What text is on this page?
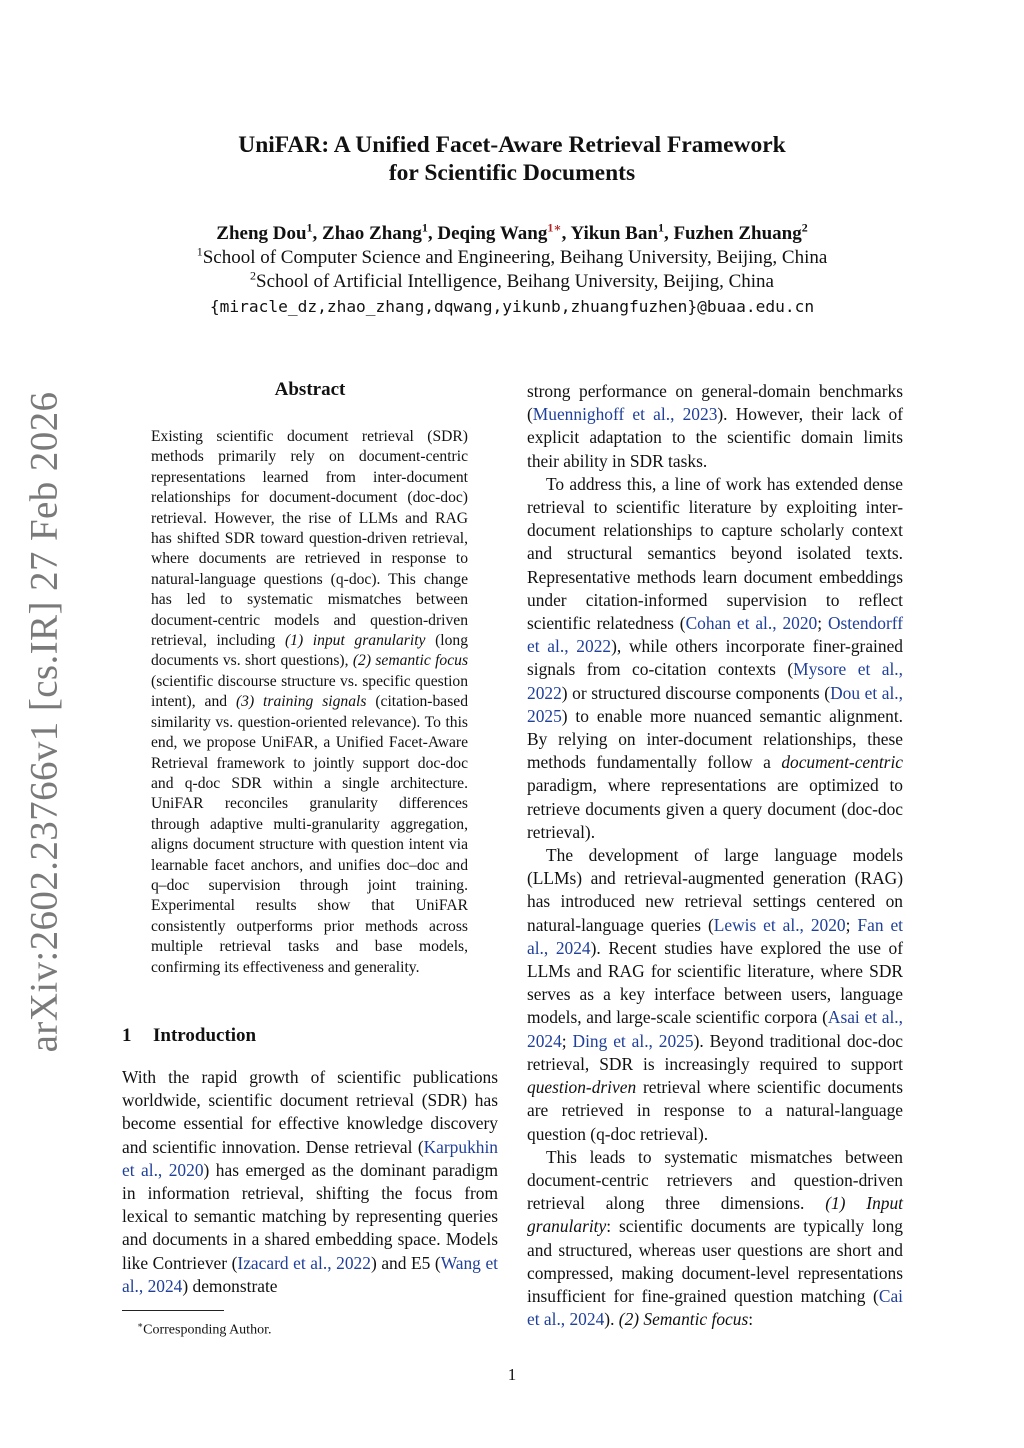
arXiv:2602.23766v1 [cs.IR] 27 Feb 2026
UniFAR: A Unified Facet-Aware Retrieval Framework
for Scientific Documents
Zheng Dou$^1$, Zhao Zhang$^1$, Deqing Wang$^{1∗}$, Yikun Ban$^1$, Fuzhen Zhuang$^2$
$^1$School of Computer Science and Engineering, Beihang University, Beijing, China
$^2$School of Artificial Intelligence, Beihang University, Beijing, China
{miracle_dz,zhao_zhang,dqwang,yikunb,zhuangfuzhen}@buaa.edu.cn
Abstract

Existing scientific document retrieval (SDR) methods primarily rely on document-centric representations learned from inter-document relationships for document-document (doc-doc) retrieval. However, the rise of LLMs and RAG has shifted SDR toward question-driven retrieval, where documents are retrieved in response to natural-language questions (q-doc). This change has led to systematic mismatches between document-centric models and question-driven retrieval, including (1) input granularity (long documents vs. short questions), (2) semantic focus (scientific discourse structure vs. specific question intent), and (3) training signals (citation-based similarity vs. question-oriented relevance). To this end, we propose UniFAR, a Unified Facet-Aware Retrieval framework to jointly support doc-doc and q-doc SDR within a single architecture. UniFAR reconciles granularity differences through adaptive multi-granularity aggregation, aligns document structure with question intent via learnable facet anchors, and unifies doc–doc and q–doc supervision through joint training. Experimental results show that UniFAR consistently outperforms prior methods across multiple retrieval tasks and base models, confirming its effectiveness and generality.

1 Introduction

With the rapid growth of scientific publications worldwide, scientific document retrieval (SDR) has become essential for effective knowledge discovery and scientific innovation. Dense retrieval (Karpukhin et al., 2020) has emerged as the dominant paradigm in information retrieval, shifting the focus from lexical to semantic matching by representing queries and documents in a shared embedding space. Models like Contriever (Izacard et al., 2022) and E5 (Wang et al., 2024) demonstrate

strong performance on general-domain benchmarks (Muennighoff et al., 2023). However, their lack of explicit adaptation to the scientific domain limits their ability in SDR tasks.

To address this, a line of work has extended dense retrieval to scientific literature by exploiting inter-document relationships to capture scholarly context and structural semantics beyond isolated texts. Representative methods learn document embeddings under citation-informed supervision to reflect scientific relatedness (Cohan et al., 2020; Ostendorff et al., 2022), while others incorporate finer-grained signals from co-citation contexts (Mysore et al., 2022) or structured discourse components (Dou et al., 2025) to enable more nuanced semantic alignment. By relying on inter-document relationships, these methods fundamentally follow a document-centric paradigm, where representations are optimized to retrieve documents given a query document (doc-doc retrieval).

The development of large language models (LLMs) and retrieval-augmented generation (RAG) has introduced new retrieval settings centered on natural-language queries (Lewis et al., 2020; Fan et al., 2024). Recent studies have explored the use of LLMs and RAG for scientific literature, where SDR serves as a key interface between users, language models, and large-scale scientific corpora (Asai et al., 2024; Ding et al., 2025). Beyond traditional doc-doc retrieval, SDR is increasingly required to support question-driven retrieval where scientific documents are retrieved in response to a natural-language question (q-doc retrieval).

This leads to systematic mismatches between document-centric retrievers and question-driven retrieval along three dimensions. (1) Input granularity: scientific documents are typically long and structured, whereas user questions are short and compressed, making document-level representations insufficient for fine-grained question matching (Cai et al., 2024). (2) Semantic focus:

∗Corresponding Author.
1
